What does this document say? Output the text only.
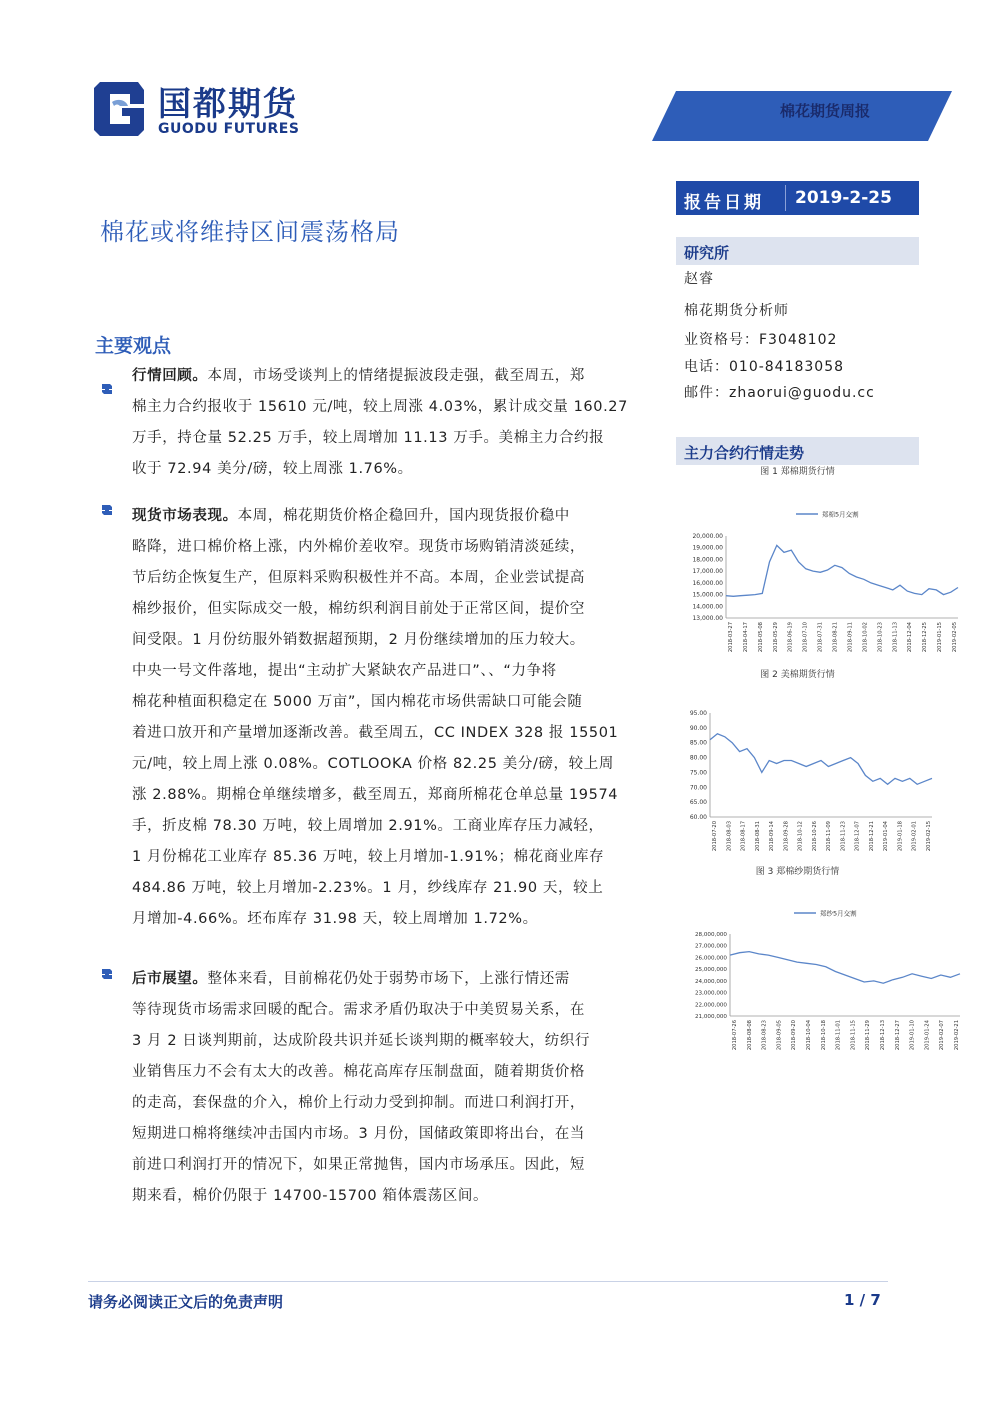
国都期货
GUODU FUTURES
棉花期货周报
棉花或将维持区间震荡格局
报告日期 2019-2-25
研究所
赵睿
棉花期货分析师
业资格号：F3048102
电话：010-84183058
邮件：zhaorui@guodu.cc
主力合约行情走势
图 1 郑棉期货行情
20,000.00
19,000.00
18,000.00
17,000.00
16,000.00
15,000.00
14,000.00
13,000.00
2018-03-27 2018-04-17 2018-05-08 2018-05-29 2018-06-19 2018-07-10 2018-07-31 2018-08-21 2018-09-11 2018-10-02 2018-10-23 2018-11-13 2018-12-04 2018-12-25 2019-01-15 2019-02-05
郑棉5月交割
图 2 美棉期货行情
95.00
90.00
85.00
80.00
75.00
70.00
65.00
60.00
2018-07-20 2018-08-03 2018-08-17 2018-08-31 2018-09-14 2018-09-28 2018-10-12 2018-10-26 2018-11-09 2018-11-23 2018-12-07 2018-12-21 2019-01-04 2019-01-18 2019-02-01 2019-02-15
图 3 郑棉纱期货行情
28,000,000
27,000,000
26,000,000
25,000,000
24,000,000
23,000,000
22,000,000
21,000,000
2018-07-26 2018-08-08 2018-08-23 2018-09-05 2018-09-20 2018-10-04 2018-10-18 2018-11-01 2018-11-15 2018-11-29 2018-12-13 2018-12-27 2019-01-10 2019-01-24 2019-02-07 2019-02-21
郑纱5月交割
主要观点
行情回顾。本周，市场受谈判上的情绪提振波段走强，截至周五，郑
棉主力合约报收于 15610 元/吨，较上周涨 4.03%，累计成交量 160.27
万手，持仓量 52.25 万手，较上周增加 11.13 万手。美棉主力合约报
收于 72.94 美分/磅，较上周涨 1.76%。
现货市场表现。本周，棉花期货价格企稳回升，国内现货报价稳中
略降，进口棉价格上涨，内外棉价差收窄。现货市场购销清淡延续，
节后纺企恢复生产，但原料采购积极性并不高。本周，企业尝试提高
棉纱报价，但实际成交一般，棉纺织利润目前处于正常区间，提价空
间受限。1 月份纺服外销数据超预期，2 月份继续增加的压力较大。
中央一号文件落地，提出“主动扩大紧缺农产品进口”、、“力争将
棉花种植面积稳定在 5000 万亩”，国内棉花市场供需缺口可能会随
着进口放开和产量增加逐渐改善。截至周五，CC INDEX 328 报 15501
元/吨，较上周上涨 0.08%。COTLOOKA 价格 82.25 美分/磅，较上周
涨 2.88%。期棉仓单继续增多，截至周五，郑商所棉花仓单总量 19574
手，折皮棉 78.30 万吨，较上周增加 2.91%。工商业库存压力减轻，
1 月份棉花工业库存 85.36 万吨，较上月增加-1.91%；棉花商业库存
484.86 万吨，较上月增加-2.23%。1 月，纱线库存 21.90 天，较上
月增加-4.66%。坯布库存 31.98 天，较上周增加 1.72%。
后市展望。整体来看，目前棉花仍处于弱势市场下，上涨行情还需
等待现货市场需求回暖的配合。需求矛盾仍取决于中美贸易关系，在
3 月 2 日谈判期前，达成阶段共识并延长谈判期的概率较大，纺织行
业销售压力不会有太大的改善。棉花高库存压制盘面，随着期货价格
的走高，套保盘的介入，棉价上行动力受到抑制。而进口利润打开，
短期进口棉将继续冲击国内市场。3 月份，国储政策即将出台，在当
前进口利润打开的情况下，如果正常抛售，国内市场承压。因此，短
期来看，棉价仍限于 14700-15700 箱体震荡区间。
请务必阅读正文后的免责声明	1 / 7
